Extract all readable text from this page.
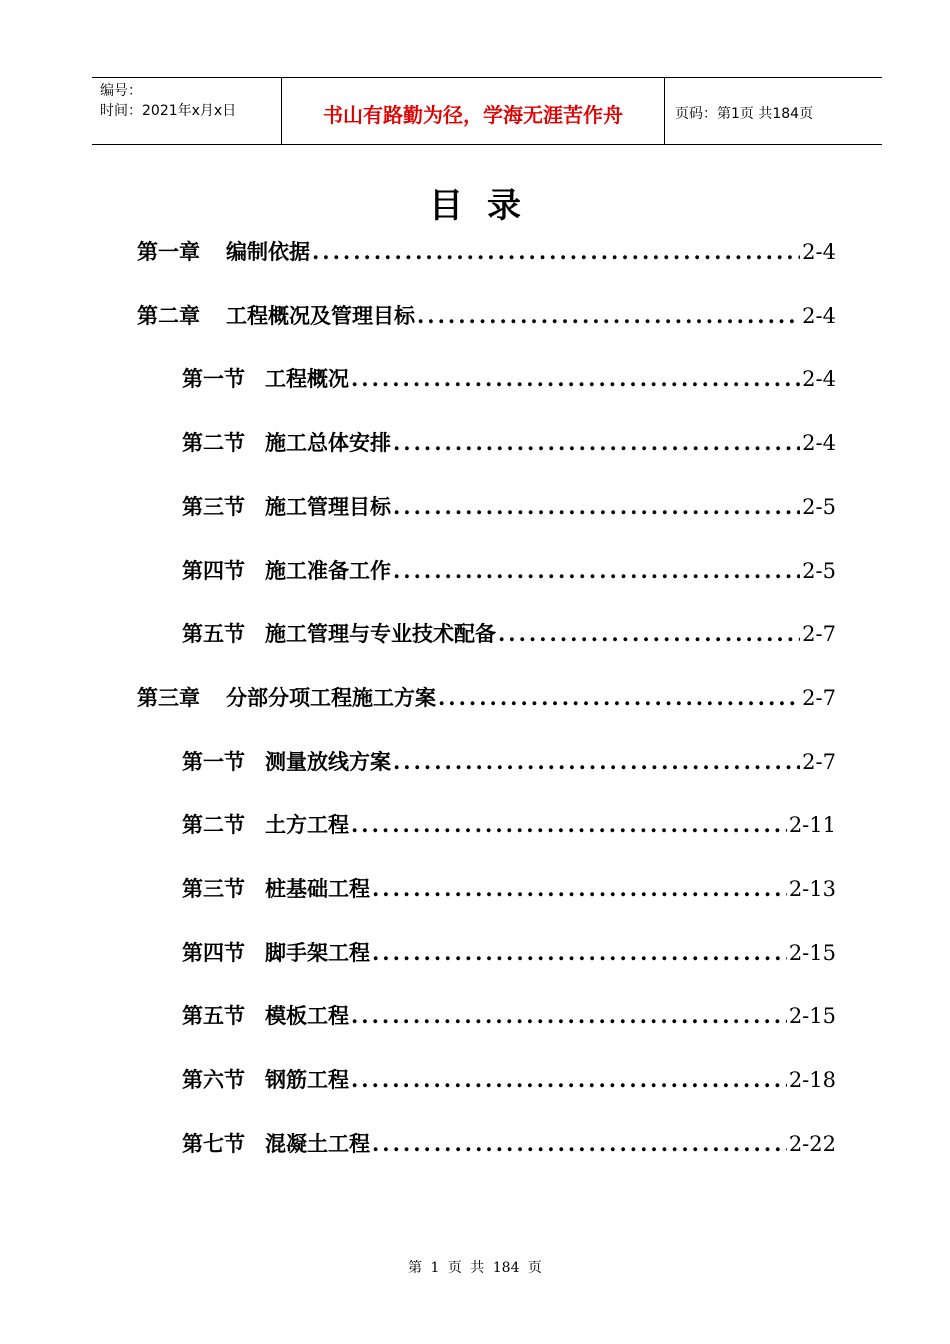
编号：
时间：2021年x月x日	书山有路勤为径，学海无涯苦作舟	页码：第1页 共184页
目录
第一章 编制依据 .....	2-4
第二章 工程概况及管理目标 .....	2-4
第一节 工程概况 .....	2-4
第二节 施工总体安排 .....	2-4
第三节 施工管理目标 .....	2-5
第四节 施工准备工作 .....	2-5
第五节 施工管理与专业技术配备 .....	2-7
第三章 分部分项工程施工方案 .....	2-7
第一节 测量放线方案 .....	2-7
第二节 土方工程 .....	2-11
第三节 桩基础工程 .....	2-13
第四节 脚手架工程 .....	2-15
第五节 模板工程 .....	2-15
第六节 钢筋工程 .....	2-18
第七节 混凝土工程 .....	2-22
第 1 页 共 184 页
